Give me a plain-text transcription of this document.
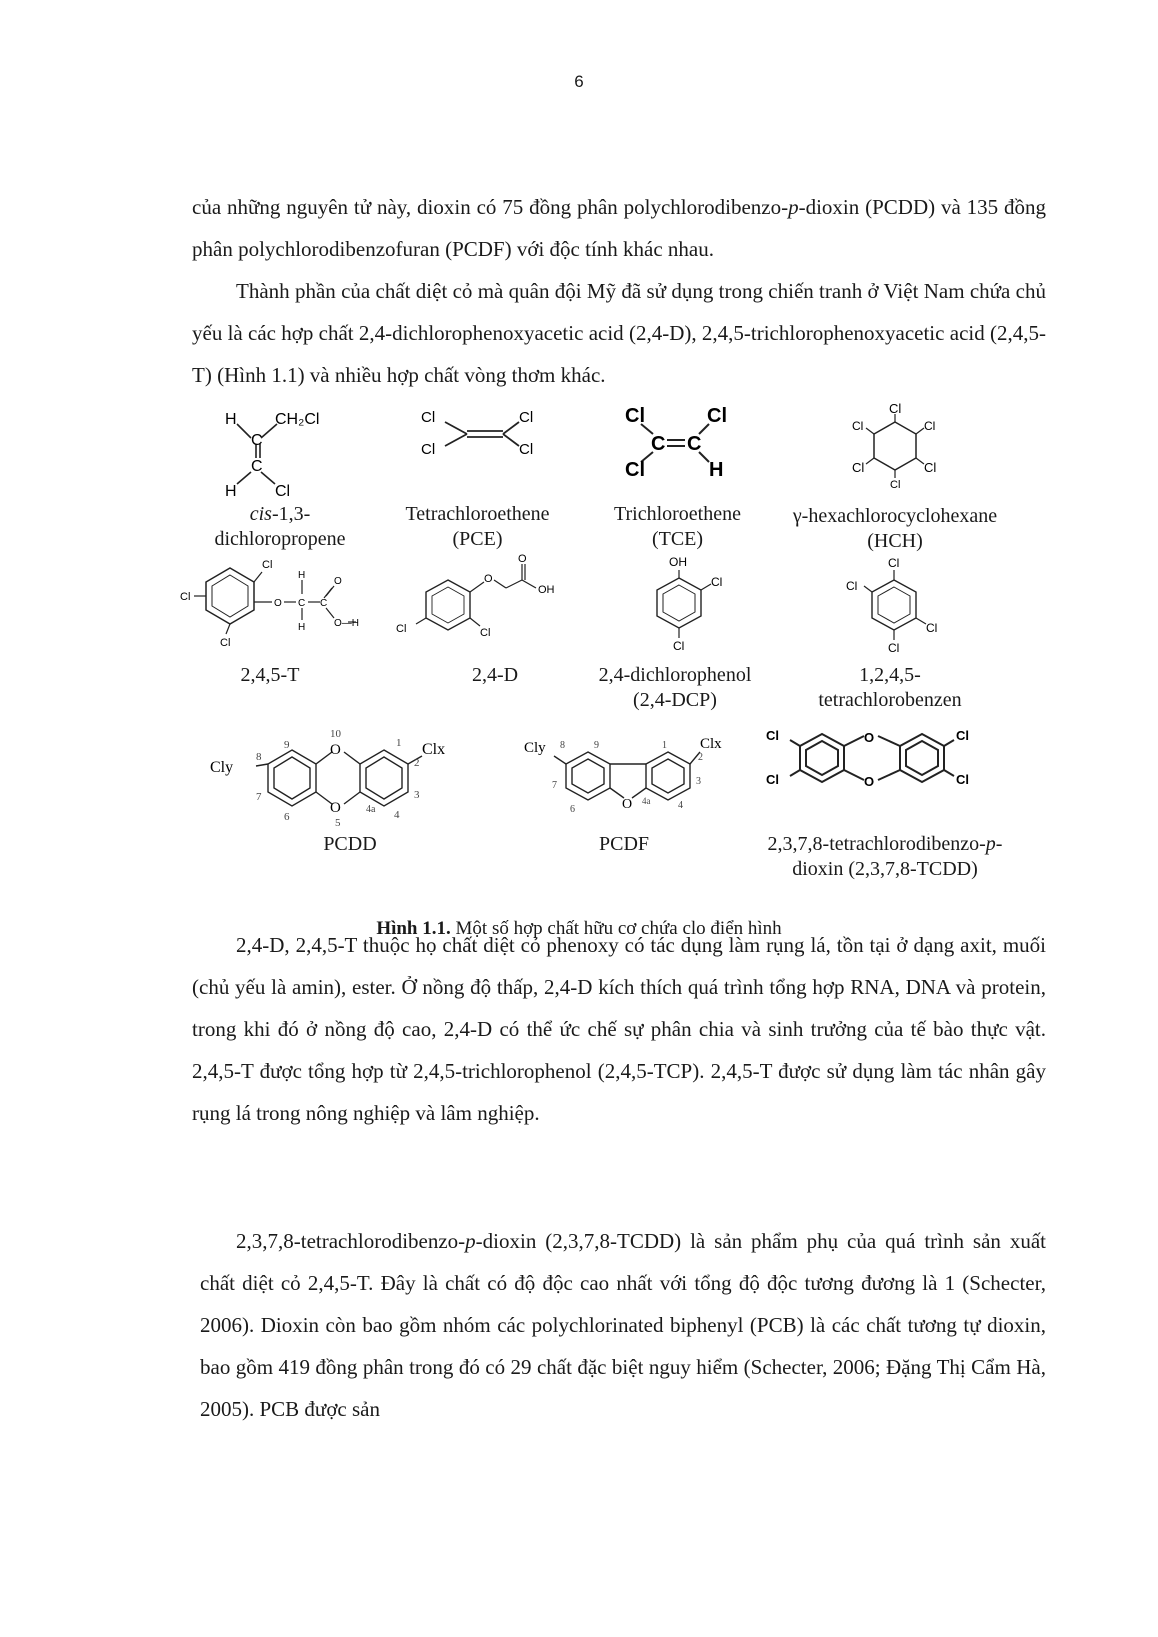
6
của những nguyên tử này, dioxin có 75 đồng phân polychlorodibenzo-p-dioxin (PCDD) và 135 đồng phân polychlorodibenzofuran (PCDF) với độc tính khác nhau.
Thành phần của chất diệt cỏ mà quân đội Mỹ đã sử dụng trong chiến tranh ở Việt Nam chứa chủ yếu là các hợp chất 2,4-dichlorophenoxyacetic acid (2,4-D), 2,4,5-trichlorophenoxyacetic acid (2,4,5-T) (Hình 1.1) và nhiều hợp chất vòng thơm khác.
H CH₂Cl
C
C
H Cl
Cl	Cl
Cl	Cl
Cl	Cl
C C
Cl	H
Cl
Cl
Cl
Cl
Cl
Cl
cis-1,3-
dichloropropene
Tetrachloroethene
(PCE)
Trichloroethene
(TCE)
γ-hexachlorocyclohexane
(HCH)
Cl
Cl
Cl
O C
H
H
C
O
O—H
O
O
OH
Cl
Cl
OH
Cl
Cl
Cl
Cl
Cl
Cl
2,4,5-T	2,4-D	2,4-dichlorophenol
(2,4-DCP)
1,2,4,5-
tetrachlorobenzen
O
O
10
5
9
8
7
6
1
2
3
4
4a
Clx
Cly
O
Cly	Clx
9
8
7
6
1
2
3
4
4a
O
O
Cl
Cl
Cl
Cl
PCDD	PCDF	2,3,7,8-tetrachlorodibenzo-p-
dioxin (2,3,7,8-TCDD)
Hình 1.1. Một số hợp chất hữu cơ chứa clo điển hình
2,4-D, 2,4,5-T thuộc họ chất diệt cỏ phenoxy có tác dụng làm rụng lá, tồn tại ở dạng axit, muối (chủ yếu là amin), ester. Ở nồng độ thấp, 2,4-D kích thích quá trình tổng hợp RNA, DNA và protein, trong khi đó ở nồng độ cao, 2,4-D có thể ức chế sự phân chia và sinh trưởng của tế bào thực vật. 2,4,5-T được tổng hợp từ 2,4,5-trichlorophenol (2,4,5-TCP). 2,4,5-T được sử dụng làm tác nhân gây rụng lá trong nông nghiệp và lâm nghiệp.
2,3,7,8-tetrachlorodibenzo-p-dioxin (2,3,7,8-TCDD) là sản phẩm phụ của quá trình sản xuất chất diệt cỏ 2,4,5-T. Đây là chất có độ độc cao nhất với tổng độ độc tương đương là 1 (Schecter, 2006). Dioxin còn bao gồm nhóm các polychlorinated biphenyl (PCB) là các chất tương tự dioxin, bao gồm 419 đồng phân trong đó có 29 chất đặc biệt nguy hiểm (Schecter, 2006; Đặng Thị Cẩm Hà, 2005). PCB được sản
